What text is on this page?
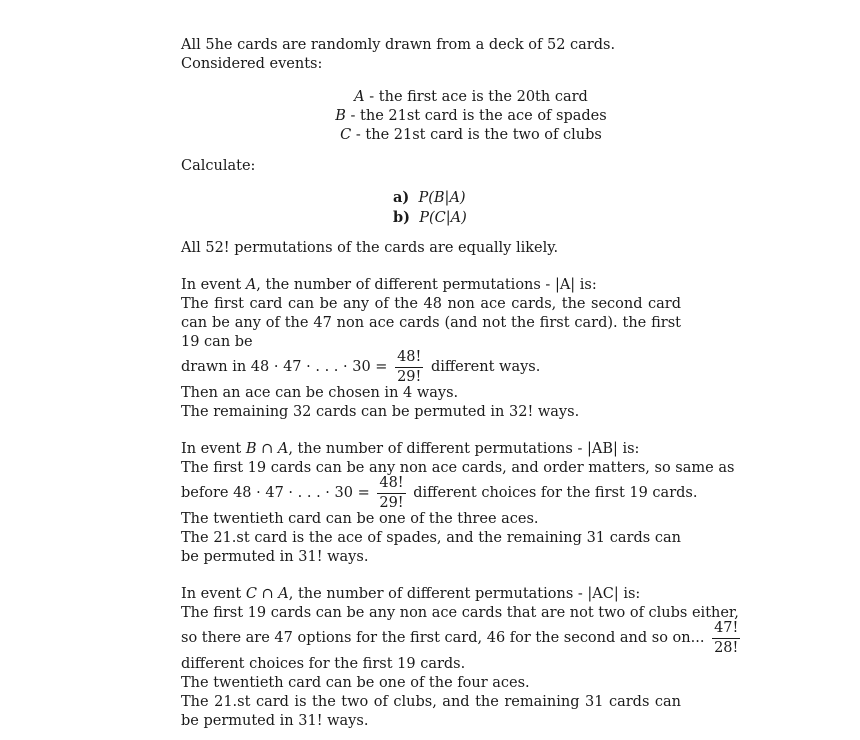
All 5he cards are randomly drawn from a deck of 52 cards.
Considered events:
A - the first ace is the 20th card
B - the 21st card is the ace of spades
C - the 21st card is the two of clubs
Calculate:
a) P(B|A)
b) P(C|A)
All 52! permutations of the cards are equally likely.
In event A, the number of different permutations - |A| is:
The first card can be any of the 48 non ace cards, the second card can be any of the 47 non ace cards (and not the first card). the first 19 can be
drawn in 48 · 47 · . . . · $30 = \frac{48!}{29!}$ different ways.
Then an ace can be chosen in 4 ways.
The remaining 32 cards can be permuted in 32! ways.
In event B ∩ A, the number of different permutations - |AB| is:
The first 19 cards can be any non ace cards, and order matters, so same as
before 48 · 47 · . . . · $30 = \frac{48!}{29!}$ different choices for the first 19 cards.
The twentieth card can be one of the three aces.
The 21.st card is the ace of spades, and the remaining 31 cards can be permuted in 31! ways.
In event C ∩ A, the number of different permutations - |AC| is:
The first 19 cards can be any non ace cards that are not two of clubs either,
so there are 47 options for the first card, 46 for the second and so on... $\frac{47!}{28!}$
different choices for the first 19 cards.
The twentieth card can be one of the four aces.
The 21.st card is the two of clubs, and the remaining 31 cards can be permuted in 31! ways.
